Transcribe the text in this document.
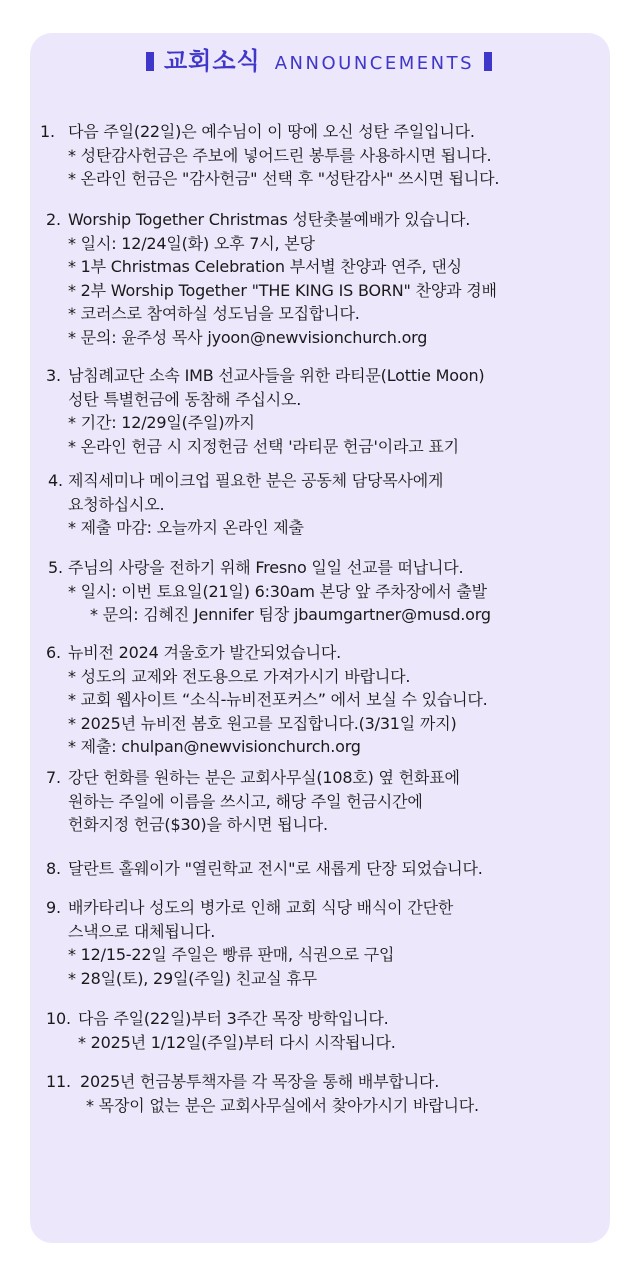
교회소식 ANNOUNCEMENTS
1. 다음 주일(22일)은 예수님이 이 땅에 오신 성탄 주일입니다.
* 성탄감사헌금은 주보에 넣어드린 봉투를 사용하시면 됩니다.
* 온라인 헌금은 "감사헌금" 선택 후 "성탄감사" 쓰시면 됩니다.
2. Worship Together Christmas 성탄촛불예배가 있습니다.
* 일시: 12/24일(화) 오후 7시, 본당
* 1부 Christmas Celebration 부서별 찬양과 연주, 댄싱
* 2부 Worship Together "THE KING IS BORN" 찬양과 경배
* 코러스로 참여하실 성도님을 모집합니다.
* 문의: 윤주성 목사 jyoon@newvisionchurch.org
3. 남침례교단 소속 IMB 선교사들을 위한 라티문(Lottie Moon)
성탄 특별헌금에 동참해 주십시오.
* 기간: 12/29일(주일)까지
* 온라인 헌금 시 지정헌금 선택 '라티문 헌금'이라고 표기
4. 제직세미나 메이크업 필요한 분은 공동체 담당목사에게
요청하십시오.
* 제출 마감: 오늘까지 온라인 제출
5. 주님의 사랑을 전하기 위해 Fresno 일일 선교를 떠납니다.
* 일시: 이번 토요일(21일) 6:30am 본당 앞 주차장에서 출발
* 문의: 김혜진 Jennifer 팀장 jbaumgartner@musd.org
6. 뉴비전 2024 겨울호가 발간되었습니다.
* 성도의 교제와 전도용으로 가져가시기 바랍니다.
* 교회 웹사이트 “소식-뉴비전포커스” 에서 보실 수 있습니다.
* 2025년 뉴비전 봄호 원고를 모집합니다.(3/31일 까지)
* 제출: chulpan@newvisionchurch.org
7. 강단 헌화를 원하는 분은 교회사무실(108호) 옆 헌화표에
원하는 주일에 이름을 쓰시고, 해당 주일 헌금시간에
헌화지정 헌금($30)을 하시면 됩니다.
8. 달란트 홀웨이가 "열린학교 전시"로 새롭게 단장 되었습니다.
9. 배카타리나 성도의 병가로 인해 교회 식당 배식이 간단한
스낵으로 대체됩니다.
* 12/15-22일 주일은 빵류 판매, 식권으로 구입
* 28일(토), 29일(주일) 친교실 휴무
10. 다음 주일(22일)부터 3주간 목장 방학입니다.
* 2025년 1/12일(주일)부터 다시 시작됩니다.
11. 2025년 헌금봉투책자를 각 목장을 통해 배부합니다.
* 목장이 없는 분은 교회사무실에서 찾아가시기 바랍니다.
